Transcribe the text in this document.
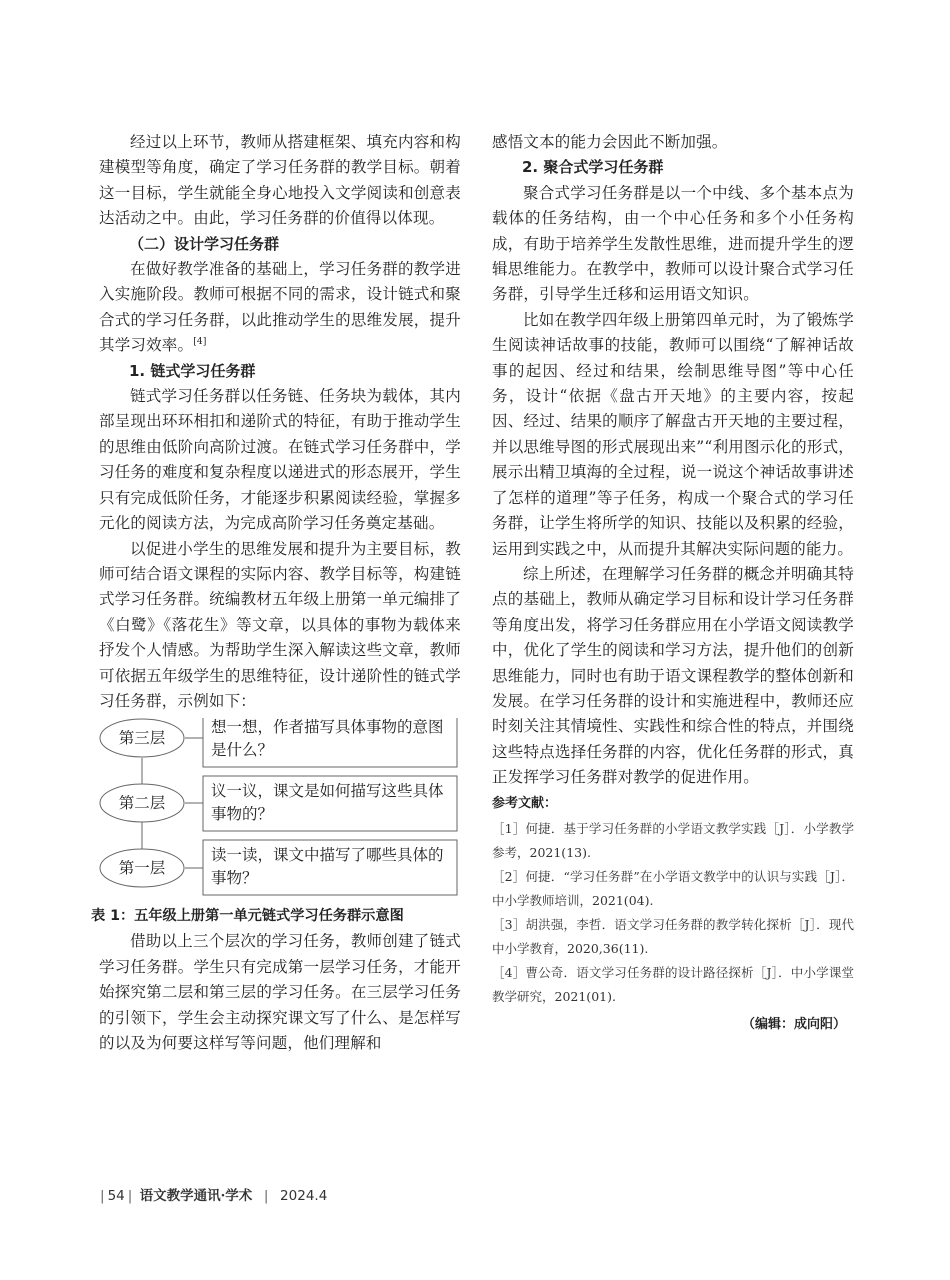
经过以上环节，教师从搭建框架、填充内容和构建模型等角度，确定了学习任务群的教学目标。朝着这一目标，学生就能全身心地投入文学阅读和创意表达活动之中。由此，学习任务群的价值得以体现。

（二）设计学习任务群

在做好教学准备的基础上，学习任务群的教学进入实施阶段。教师可根据不同的需求，设计链式和聚合式的学习任务群，以此推动学生的思维发展，提升其学习效率。[4]

1. 链式学习任务群

链式学习任务群以任务链、任务块为载体，其内部呈现出环环相扣和递阶式的特征，有助于推动学生的思维由低阶向高阶过渡。在链式学习任务群中，学习任务的难度和复杂程度以递进式的形态展开，学生只有完成低阶任务，才能逐步积累阅读经验，掌握多元化的阅读方法，为完成高阶学习任务奠定基础。

以促进小学生的思维发展和提升为主要目标，教师可结合语文课程的实际内容、教学目标等，构建链式学习任务群。统编教材五年级上册第一单元编排了《白鹭》《落花生》等文章，以具体的事物为载体来抒发个人情感。为帮助学生深入解读这些文章，教师可依据五年级学生的思维特征，设计递阶性的链式学习任务群，示例如下：

第三层
想一想，作者描写具体事物的意图是什么？
第二层
议一议，课文是如何描写这些具体事物的？
第一层
读一读，课文中描写了哪些具体的事物？

表 1：五年级上册第一单元链式学习任务群示意图

借助以上三个层次的学习任务，教师创建了链式学习任务群。学生只有完成第一层学习任务，才能开始探究第二层和第三层的学习任务。在三层学习任务的引领下，学生会主动探究课文写了什么、是怎样写的以及为何要这样写等问题，他们理解和

感悟文本的能力会因此不断加强。

2. 聚合式学习任务群

聚合式学习任务群是以一个中线、多个基本点为载体的任务结构，由一个中心任务和多个小任务构成，有助于培养学生发散性思维，进而提升学生的逻辑思维能力。在教学中，教师可以设计聚合式学习任务群，引导学生迁移和运用语文知识。

比如在教学四年级上册第四单元时，为了锻炼学生阅读神话故事的技能，教师可以围绕“了解神话故事的起因、经过和结果，绘制思维导图”等中心任务，设计“依据《盘古开天地》的主要内容，按起因、经过、结果的顺序了解盘古开天地的主要过程，并以思维导图的形式展现出来”“利用图示化的形式，展示出精卫填海的全过程，说一说这个神话故事讲述了怎样的道理”等子任务，构成一个聚合式的学习任务群，让学生将所学的知识、技能以及积累的经验，运用到实践之中，从而提升其解决实际问题的能力。

综上所述，在理解学习任务群的概念并明确其特点的基础上，教师从确定学习目标和设计学习任务群等角度出发，将学习任务群应用在小学语文阅读教学中，优化了学生的阅读和学习方法，提升他们的创新思维能力，同时也有助于语文课程教学的整体创新和发展。在学习任务群的设计和实施进程中，教师还应时刻关注其情境性、实践性和综合性的特点，并围绕这些特点选择任务群的内容，优化任务群的形式，真正发挥学习任务群对教学的促进作用。

参考文献：

［1］何捷．基于学习任务群的小学语文教学实践［J］．小学教学参考，2021(13).

［2］何捷．“学习任务群”在小学语文教学中的认识与实践［J］．中小学教师培训，2021(04).

［3］胡洪强，李哲．语文学习任务群的教学转化探析［J］．现代中小学教育，2020,36(11).

［4］曹公奇．语文学习任务群的设计路径探析［J］．中小学课堂教学研究，2021(01).

（编辑：成向阳）
| 54 | 语文教学通讯·学术  |  2024.4
